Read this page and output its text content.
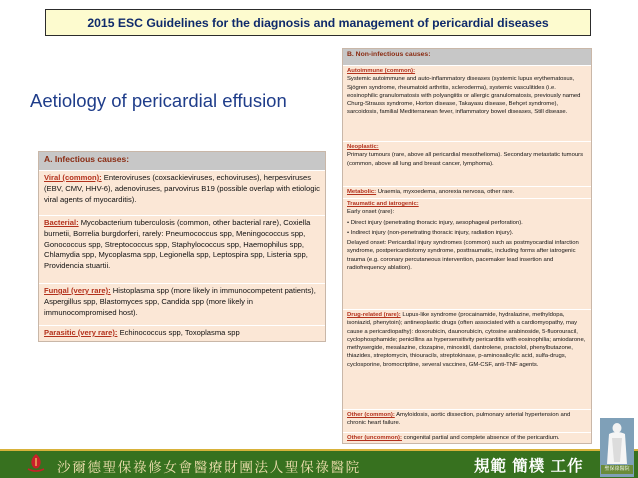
2015 ESC Guidelines for the diagnosis and management of pericardial diseases
Aetiology of pericardial effusion
A. Infectious causes:
Viral (common): Enteroviruses (coxsackieviruses, echoviruses), herpesviruses (EBV, CMV, HHV-6), adenoviruses, parvovirus B19 (possible overlap with etiologic viral agents of myocarditis).
Bacterial: Mycobacterium tuberculosis (common, other bacterial rare), Coxiella burnetii, Borrelia burgdorferi, rarely: Pneumococcus spp, Meningococcus spp, Gonococcus spp, Streptococcus spp, Staphylococcus spp, Haemophilus spp, Chlamydia spp, Mycoplasma spp, Legionella spp, Leptospira spp, Listeria spp, Providencia stuartii.
Fungal (very rare): Histoplasma spp (more likely in immunocompetent patients), Aspergillus spp, Blastomyces spp, Candida spp (more likely in immunocompromised host).
Parasitic (very rare): Echinococcus spp, Toxoplasma spp
B. Non-infectious causes:
Autoimmune (common):
Systemic autoimmune and auto-inflammatory diseases (systemic lupus erythematosus, Sjögren syndrome, rheumatoid arthritis, scleroderma), systemic vasculitides (i.e. eosinophilic granulomatosis with polyangiitis or allergic granulomatosis, previously named Churg-Strauss syndrome, Horton disease, Takayasu disease, Behçet syndrome), sarcoidosis, familial Mediterranean fever, inflammatory bowel diseases, Still disease.
Neoplastic:
Primary tumours (rare, above all pericardial mesothelioma). Secondary metastatic tumours (common, above all lung and breast cancer, lymphoma).
Metabolic: Uraemia, myxoedema, anorexia nervosa, other rare.
Traumatic and iatrogenic:

Early onset (rare):

• Direct injury (penetrating thoracic injury, aesophageal perforation).

• Indirect injury (non-penetrating thoracic injury, radiation injury).

Delayed onset: Pericardial injury syndromes (common) such as postmyocardial infarction syndrome, postpericardiotomy syndrome, posttraumatic, including forms after iatrogenic trauma (e.g. coronary percutaneous intervention, pacemaker lead insertion and radiofrequency ablation).

Drug-related (rare): Lupus-like syndrome (procainamide, hydralazine, methyldopa, isoniazid, phenytoin); antineoplastic drugs (often associated with a cardiomyopathy, may cause a pericardiopathy): doxorubicin, daunorubicin, cytosine arabinoside, 5-fluorouracil, cyclophosphamide; penicillins as hypersensitivity pericarditis with eosinophilia; amiodarone, methysergide, mesalazine, clozapine, minoxidil, dantrolene, practolol, phenylbutazone, thiazides, streptomycin, thiouracils, streptokinase, p-aminosalicylic acid, sulfa-drugs, cyclosporine, bromocriptine, several vaccines, GM-CSF, anti-TNF agents.
Other (common): Amyloidosis, aortic dissection, pulmonary arterial hypertension and chronic heart failure.
Other (uncommon): congenital partial and complete absence of the pericardium.
沙爾德聖保祿修女會醫療財團法人聖保祿醫院	規範 簡樸 工作	聖保祿醫院
